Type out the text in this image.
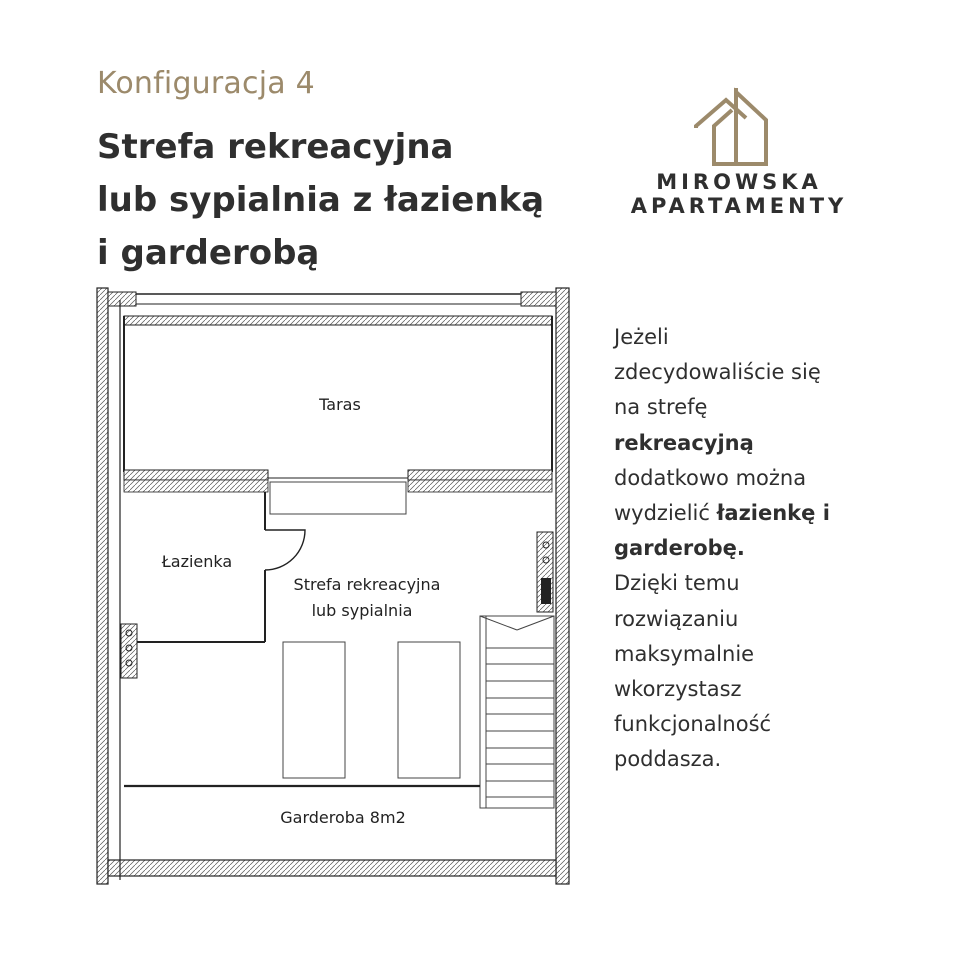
Konfiguracja 4
Strefa rekreacyjna
lub sypialnia z łazienką
i garderobą
MIROWSKA
APARTAMENTY
Taras
Łazienka
Strefa rekreacyjna
lub sypialnia
Garderoba 8m2
Jeżeli
zdecydowaliście się
na strefę
rekreacyjną
dodatkowo można
wydzielić łazienkę i
garderobę.
Dzięki temu
rozwiązaniu
maksymalnie
wkorzystasz
funkcjonalność
poddasza.
